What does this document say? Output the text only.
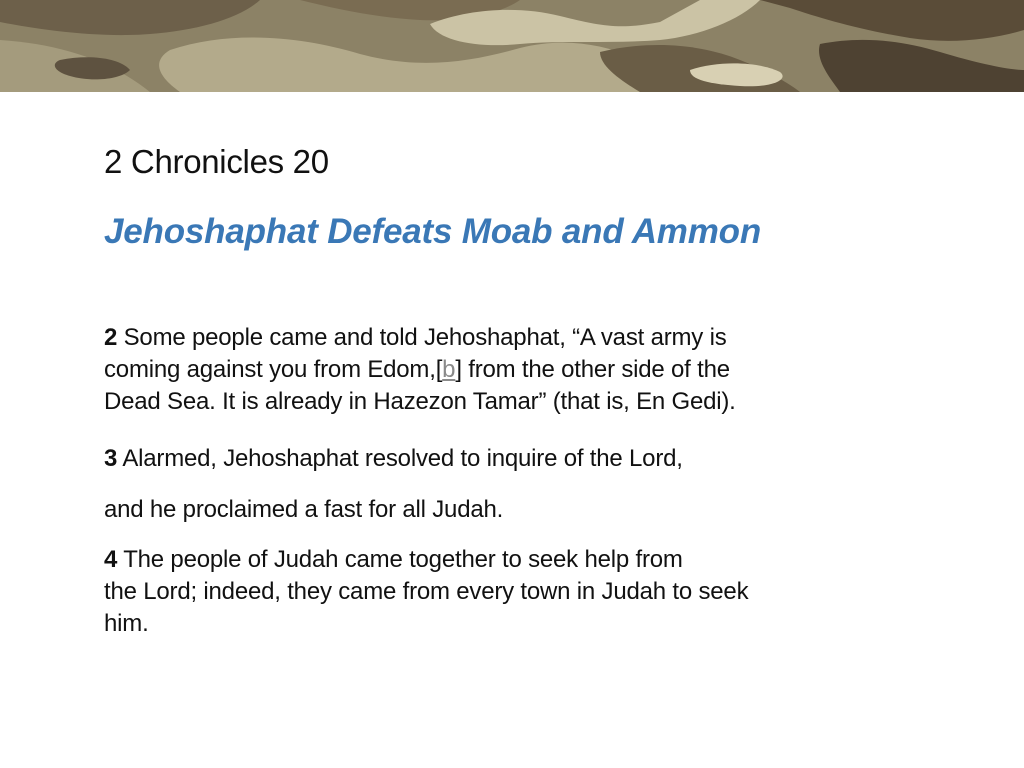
2 Chronicles 20
Jehoshaphat Defeats Moab and Ammon

2 Some people came and told Jehoshaphat, “A vast army is
coming against you from Edom,[b] from the other side of the
Dead Sea. It is already in Hazezon Tamar” (that is, En Gedi).

3 Alarmed, Jehoshaphat resolved to inquire of the Lord,

and he proclaimed a fast for all Judah.

4 The people of Judah came together to seek help from
the Lord; indeed, they came from every town in Judah to seek
him.
